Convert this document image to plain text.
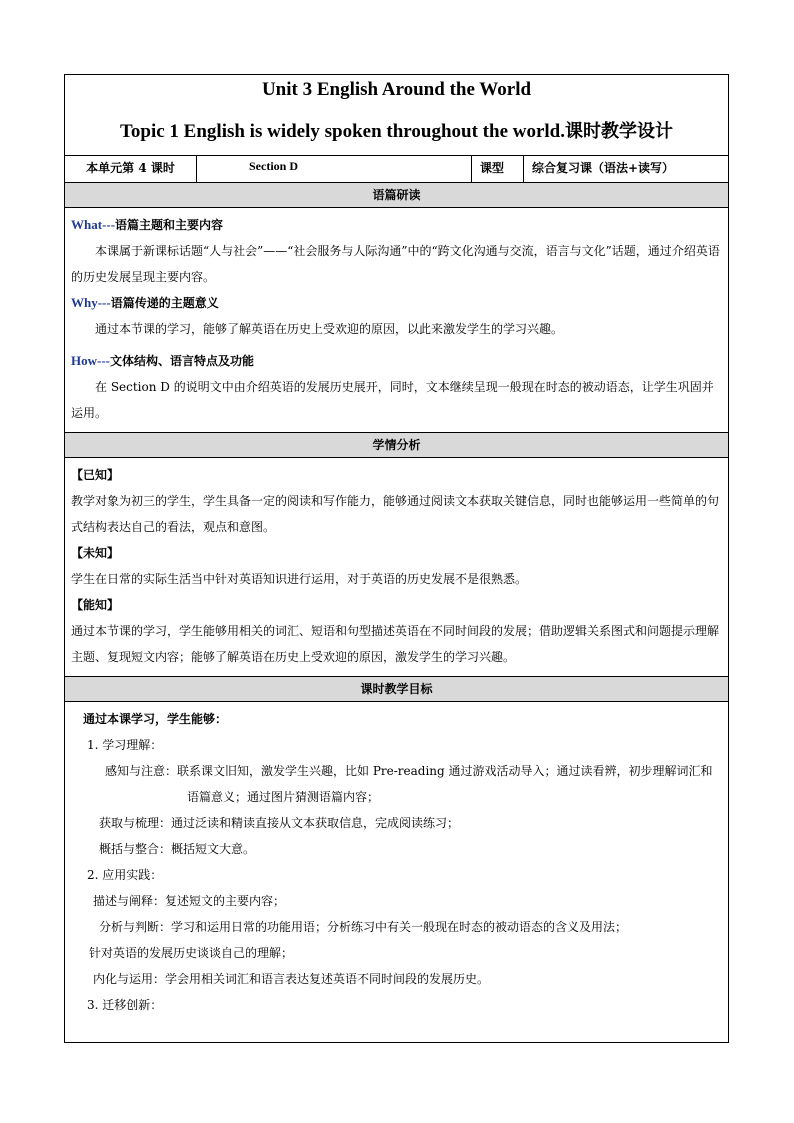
Unit 3 English Around the World
Topic 1 English is widely spoken throughout the world.课时教学设计
本单元第 4 课时	Section D	课型	综合复习课（语法+读写）
语篇研读

What---语篇主题和主要内容

本课属于新课标话题“人与社会”——“社会服务与人际沟通”中的“跨文化沟通与交流，语言与文化”话题，通过介绍英语的历史发展呈现主要内容。

Why---语篇传递的主题意义

通过本节课的学习，能够了解英语在历史上受欢迎的原因，以此来激发学生的学习兴趣。

How---文体结构、语言特点及功能

在 Section D 的说明文中由介绍英语的发展历史展开，同时，文本继续呈现一般现在时态的被动语态，让学生巩固并运用。

学情分析

【已知】

教学对象为初三的学生，学生具备一定的阅读和写作能力，能够通过阅读文本获取关键信息，同时也能够运用一些简单的句式结构表达自己的看法，观点和意图。

【未知】

学生在日常的实际生活当中针对英语知识进行运用，对于英语的历史发展不是很熟悉。

【能知】

通过本节课的学习，学生能够用相关的词汇、短语和句型描述英语在不同时间段的发展；借助逻辑关系图式和问题提示理解主题、复现短文内容；能够了解英语在历史上受欢迎的原因，激发学生的学习兴趣。

课时教学目标

通过本课学习，学生能够：

1. 学习理解：

感知与注意：联系课文旧知，激发学生兴趣，比如 Pre-reading 通过游戏活动导入；通过读看辨，初步理解词汇和语篇意义；通过图片猜测语篇内容；

获取与梳理：通过泛读和精读直接从文本获取信息，完成阅读练习；

概括与整合：概括短文大意。

2. 应用实践：

描述与阐释：复述短文的主要内容；

分析与判断：学习和运用日常的功能用语；分析练习中有关一般现在时态的被动语态的含义及用法；

针对英语的发展历史谈谈自己的理解；

内化与运用：学会用相关词汇和语言表达复述英语不同时间段的发展历史。

3. 迁移创新：
